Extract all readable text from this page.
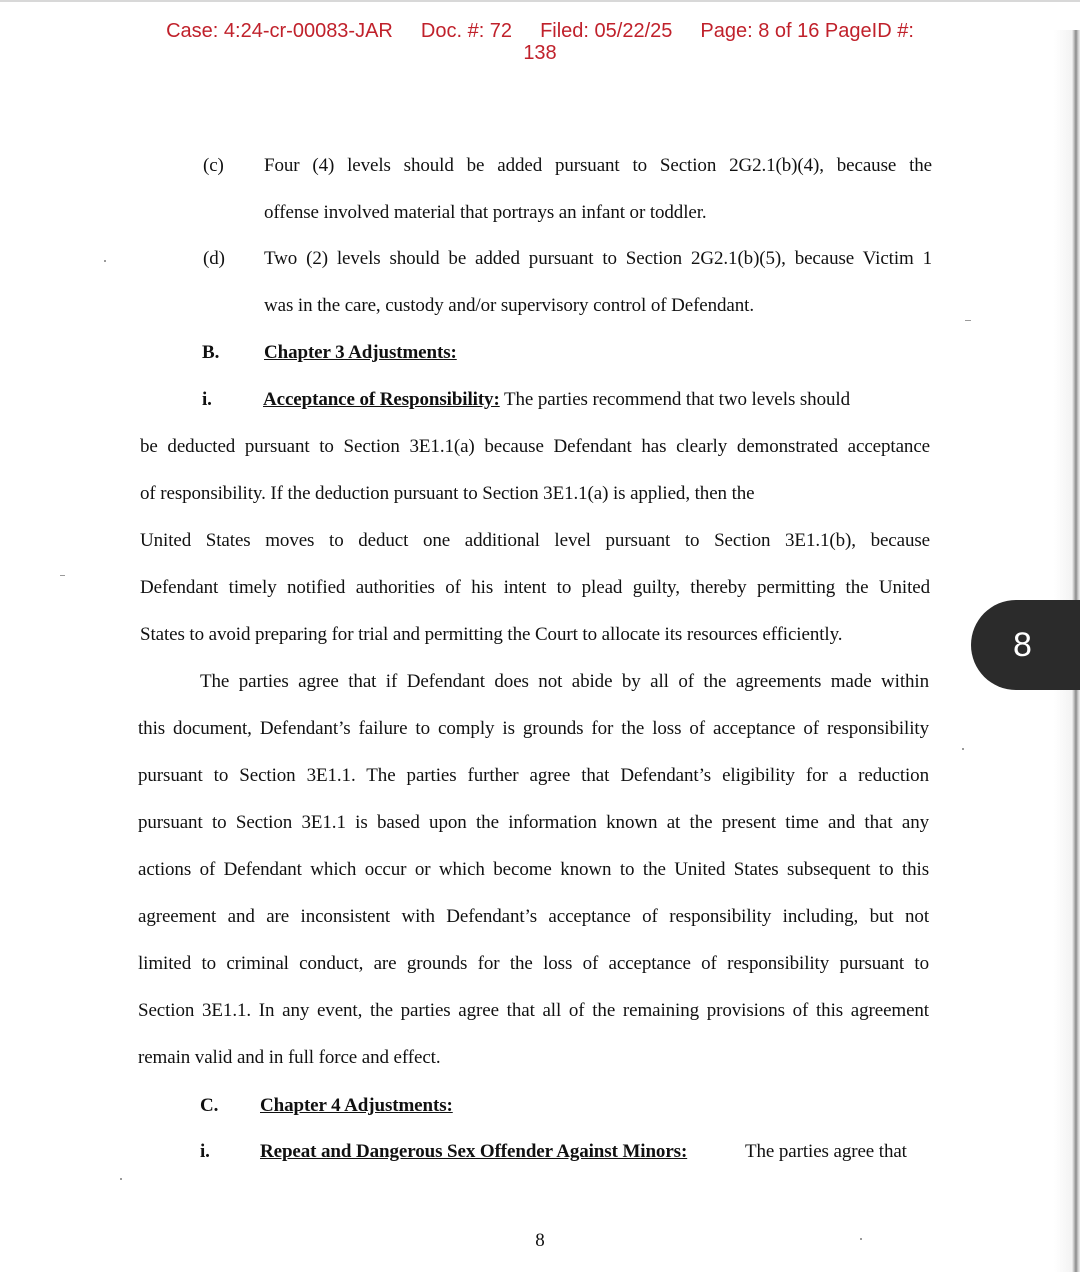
Case: 4:24-cr-00083-JAR Doc. #: 72 Filed: 05/22/25 Page: 8 of 16 PageID #:
138
(c) Four (4) levels should be added pursuant to Section 2G2.1(b)(4), because the
offense involved material that portrays an infant or toddler.
(d) Two (2) levels should be added pursuant to Section 2G2.1(b)(5), because Victim 1
was in the care, custody and/or supervisory control of Defendant.
B. Chapter 3 Adjustments:
i.	Acceptance of Responsibility: The parties recommend that two levels should
be deducted pursuant to Section 3E1.1(a) because Defendant has clearly demonstrated acceptance
of responsibility. If the deduction pursuant to Section 3E1.1(a) is applied, then the
United States moves to deduct one additional level pursuant to Section 3E1.1(b), because
Defendant timely notified authorities of his intent to plead guilty, thereby permitting the United
States to avoid preparing for trial and permitting the Court to allocate its resources efficiently.
The parties agree that if Defendant does not abide by all of the agreements made within
this document, Defendant’s failure to comply is grounds for the loss of acceptance of responsibility
pursuant to Section 3E1.1. The parties further agree that Defendant’s eligibility for a reduction
pursuant to Section 3E1.1 is based upon the information known at the present time and that any
actions of Defendant which occur or which become known to the United States subsequent to this
agreement and are inconsistent with Defendant’s acceptance of responsibility including, but not
limited to criminal conduct, are grounds for the loss of acceptance of responsibility pursuant to
Section 3E1.1. In any event, the parties agree that all of the remaining provisions of this agreement
remain valid and in full force and effect.
C. Chapter 4 Adjustments:
i.	Repeat and Dangerous Sex Offender Against Minors:	The parties agree that
8
8
